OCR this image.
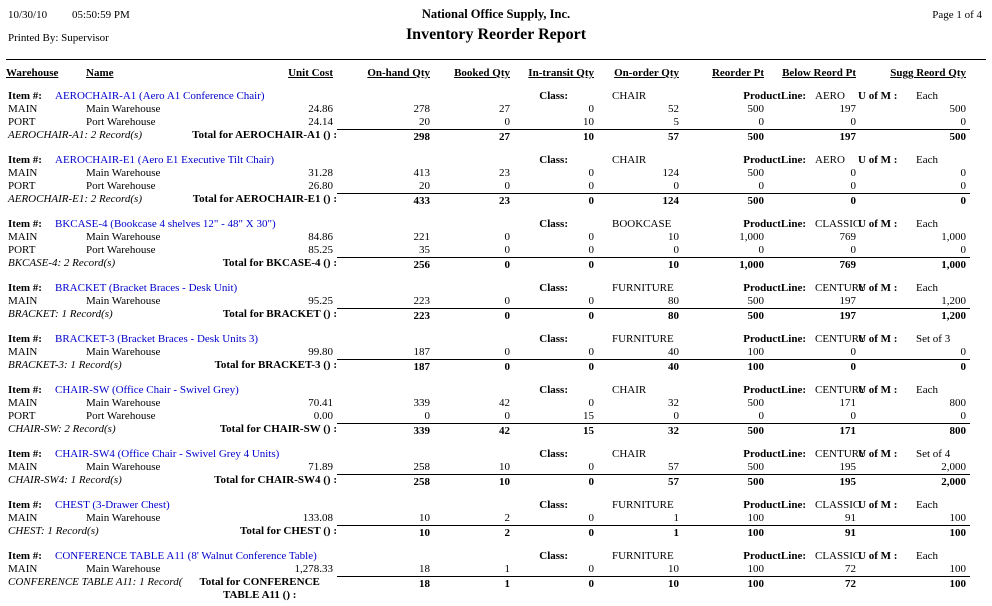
10/30/10 05:50:59 PM
Printed By: Supervisor
National Office Supply, Inc.
Inventory Reorder Report
Page 1 of 4
Warehouse	Name	Unit Cost	On-hand Qty	Booked Qty	In-transit Qty	On-order Qty	Reorder Pt	Below Reord Pt	Sugg Reord Qty
Item #: AEROCHAIR-A1 (Aero A1 Conference Chair)	Class:	CHAIR	ProductLine: AERO U of M : Each
MAIN	Main Warehouse	24.86	278	27	0	52	500	197	500
PORT	Port Warehouse	24.14	20	0	10	5	0	0	0
AEROCHAIR-A1: 2 Record(s)	Total for AEROCHAIR-A1 () :	298	27	10	57	500	197	500
Item #: AEROCHAIR-E1 (Aero E1 Executive Tilt Chair)	Class:	CHAIR	ProductLine: AERO U of M : Each
MAIN	Main Warehouse	31.28	413	23	0	124	500	0	0
PORT	Port Warehouse	26.80	20	0	0	0	0	0	0
AEROCHAIR-E1: 2 Record(s)	Total for AEROCHAIR-E1 () :	433	23	0	124	500	0	0
Item #: BKCASE-4 (Bookcase 4 shelves 12" - 48" X 30")	Class:	BOOKCASE	ProductLine: CLASSIC
U of M : Each
MAIN	Main Warehouse	84.86	221	0	0	10	1,000	769	1,000
PORT	Port Warehouse	85.25	35	0	0	0	0	0	0
BKCASE-4: 2 Record(s)	Total for BKCASE-4 () :	256	0	0	10	1,000	769	1,000
Item #: BRACKET (Bracket Braces - Desk Unit)	Class:	FURNITURE	ProductLine: CENTURY
U of M : Each
MAIN	Main Warehouse	95.25	223	0	0	80	500	197	1,200
BRACKET: 1 Record(s)	Total for BRACKET () :	223	0	0	80	500	197	1,200
Item #: BRACKET-3 (Bracket Braces - Desk Units 3)	Class:	FURNITURE	ProductLine: CENTURY
U of M : Set of 3
MAIN	Main Warehouse	99.80	187	0	0	40	100	0	0
BRACKET-3: 1 Record(s)	Total for BRACKET-3 () :	187	0	0	40	100	0	0
Item #: CHAIR-SW (Office Chair - Swivel Grey)	Class:	CHAIR	ProductLine: CENTURY
U of M : Each
MAIN	Main Warehouse	70.41	339	42	0	32	500	171	800
PORT	Port Warehouse	0.00	0	0	15	0	0	0	0
CHAIR-SW: 2 Record(s)	Total for CHAIR-SW () :	339	42	15	32	500	171	800
Item #: CHAIR-SW4 (Office Chair - Swivel Grey 4 Units)	Class:	CHAIR	ProductLine: CENTURY
U of M : Set of 4
MAIN	Main Warehouse	71.89	258	10	0	57	500	195	2,000
CHAIR-SW4: 1 Record(s)	Total for CHAIR-SW4 () :	258	10	0	57	500	195	2,000
Item #: CHEST (3-Drawer Chest)	Class:	FURNITURE	ProductLine: CLASSIC
U of M : Each
MAIN	Main Warehouse	133.08	10	2	0	1	100	91	100
CHEST: 1 Record(s)	Total for CHEST () :	10	2	0	1	100	91	100
Item #: CONFERENCE TABLE A11 (8' Walnut Conference Table)	Class:	FURNITURE	ProductLine: CLASSIC
U of M : Each
MAIN	Main Warehouse	1,278.33	18	1	0	10	100	72	100
CONFERENCE TABLE A11: 1 Record(	Total for CONFERENCE TABLE A11 () :
18	1	0	10	100	72	100
